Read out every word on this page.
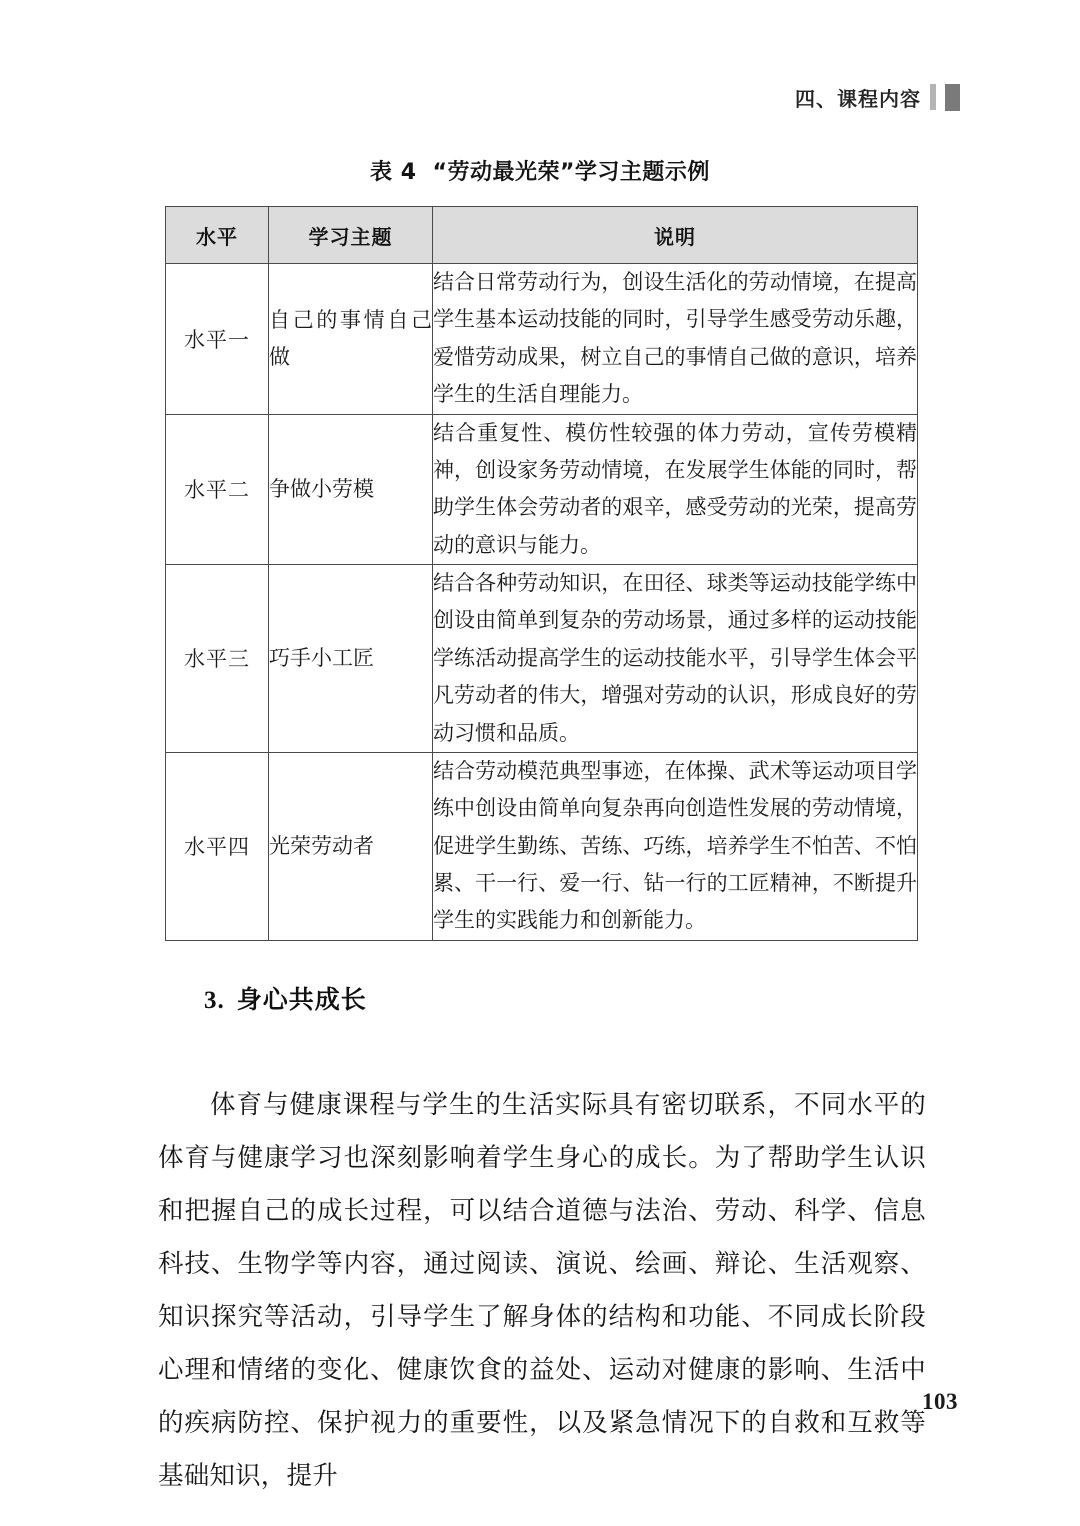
四、课程内容
表 4 “劳动最光荣”学习主题示例
水平	学习主题	说明
水平一	自己的事情自己做	结合日常劳动行为，创设生活化的劳动情境，在提高学生基本运动技能的同时，引导学生感受劳动乐趣，爱惜劳动成果，树立自己的事情自己做的意识，培养学生的生活自理能力。
水平二	争做小劳模	结合重复性、模仿性较强的体力劳动，宣传劳模精神，创设家务劳动情境，在发展学生体能的同时，帮助学生体会劳动者的艰辛，感受劳动的光荣，提高劳动的意识与能力。
水平三	巧手小工匠	结合各种劳动知识，在田径、球类等运动技能学练中创设由简单到复杂的劳动场景，通过多样的运动技能学练活动提高学生的运动技能水平，引导学生体会平凡劳动者的伟大，增强对劳动的认识，形成良好的劳动习惯和品质。
水平四	光荣劳动者	结合劳动模范典型事迹，在体操、武术等运动项目学练中创设由简单向复杂再向创造性发展的劳动情境，促进学生勤练、苦练、巧练，培养学生不怕苦、不怕累、干一行、爱一行、钻一行的工匠精神，不断提升学生的实践能力和创新能力。
3. 身心共成长

体育与健康课程与学生的生活实际具有密切联系，不同水平的体育与健康学习也深刻影响着学生身心的成长。为了帮助学生认识和把握自己的成长过程，可以结合道德与法治、劳动、科学、信息科技、生物学等内容，通过阅读、演说、绘画、辩论、生活观察、知识探究等活动，引导学生了解身体的结构和功能、不同成长阶段心理和情绪的变化、健康饮食的益处、运动对健康的影响、生活中的疾病防控、保护视力的重要性，以及紧急情况下的自救和互救等基础知识，提升

103
